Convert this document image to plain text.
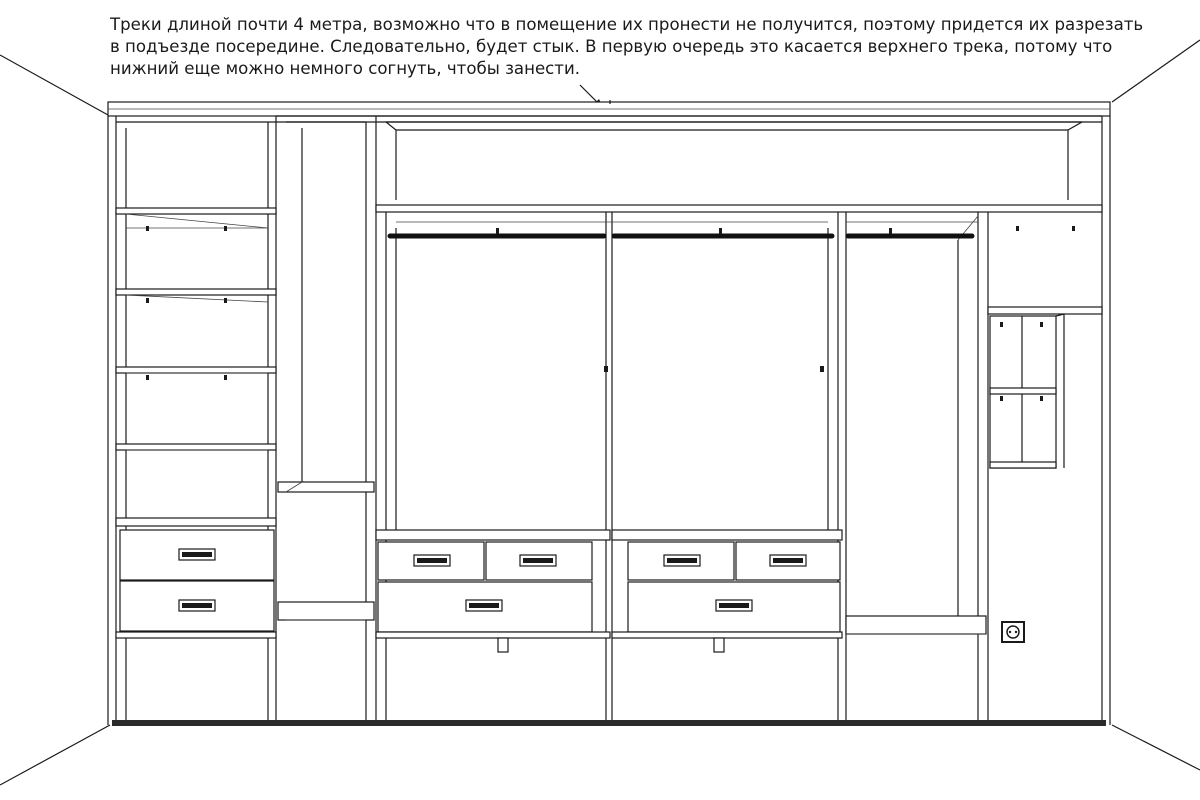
Треки длиной почти 4 метра, возможно что в помещение их пронести не получится, поэтому придется их разрезать
в подъезде посередине. Следовательно, будет стык. В первую очередь это касается верхнего трека, потому что
нижний еще можно немного согнуть, чтобы занести.
